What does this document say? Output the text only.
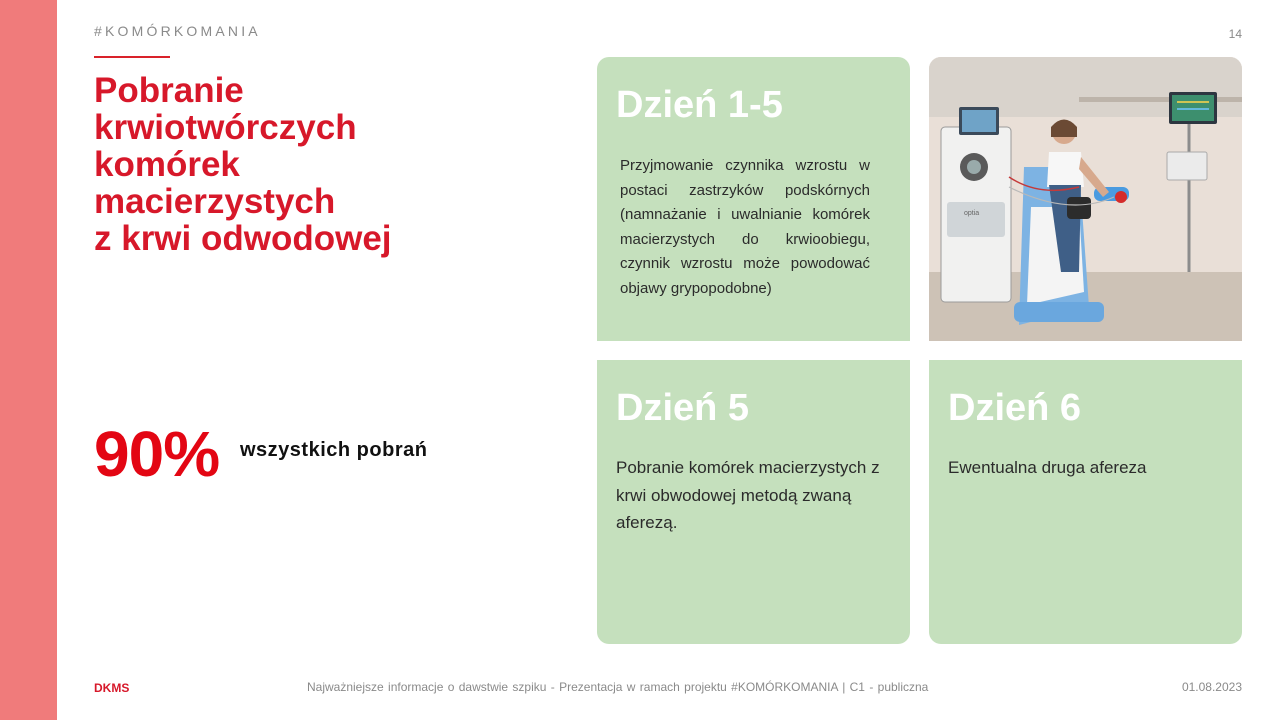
#KOMÓRKOMANIA	14
Pobranie
krwiotwórczych
komórek
macierzystych
z krwi odwodowej
90% wszystkich pobrań
Dzień 1-5
Przyjmowanie czynnika wzrostu w postaci zastrzyków podskórnych (namnażanie i uwalnianie komórek macierzystych do krwioobiegu, czynnik wzrostu może powodować objawy grypopodobne)
optia
Dzień 5
Pobranie komórek macierzystych z krwi obwodowej metodą zwaną aferezą.
Dzień 6
Ewentualna druga afereza
DKMS	Najważniejsze informacje o dawstwie szpiku - Prezentacja w ramach projektu #KOMÓRKOMANIA | C1 - publiczna	01.08.2023
